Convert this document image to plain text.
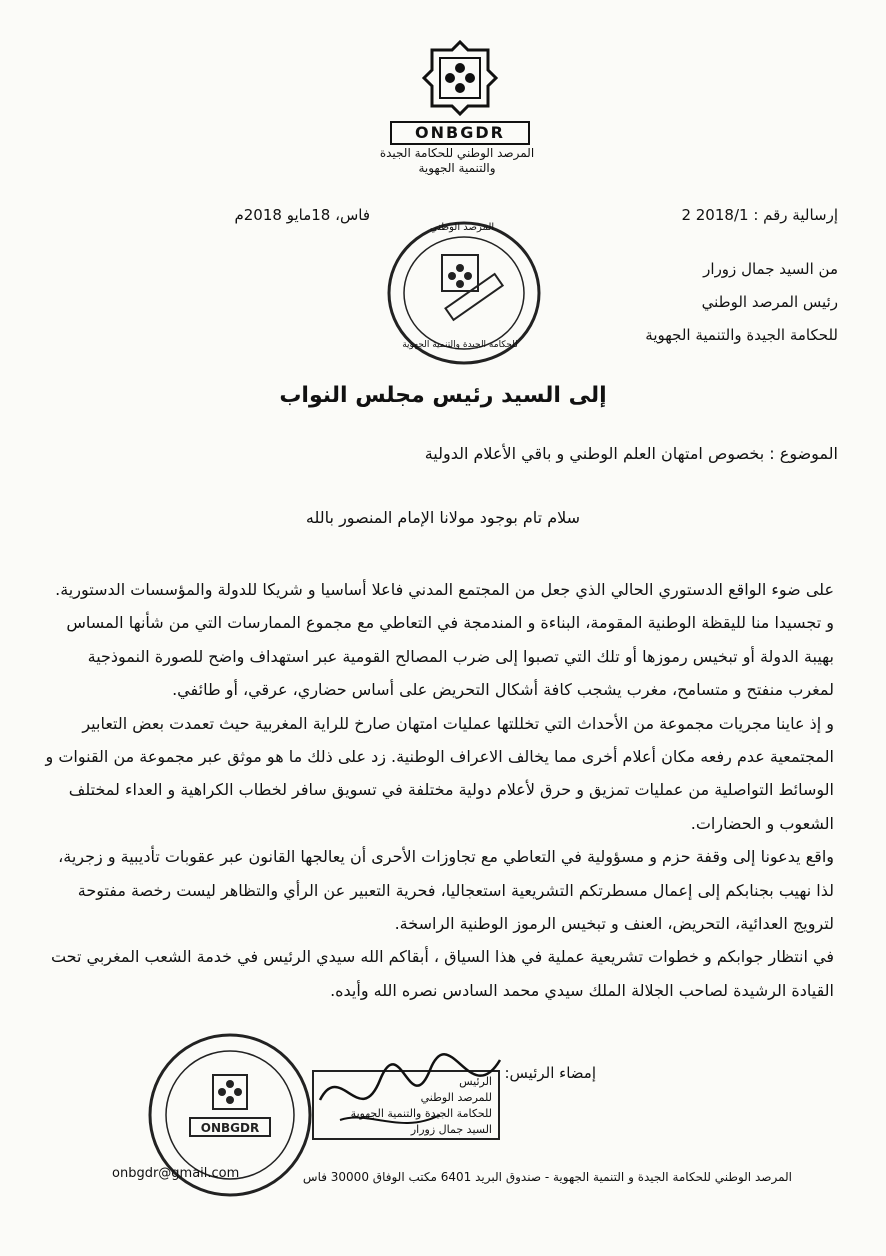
ONBGDR
المرصد الوطني للحكامة الجيدة
والتنمية الجهوية
إرسالية رقم : 2018/1 2
فاس، 18مايو 2018م
من السيد جمال زورار
رئيس المرصد الوطني
للحكامة الجيدة والتنمية الجهوية
المرصد الوطني
للحكامة الجيدة والتنمية الجهوية
إلى السيد رئيس مجلس النواب
الموضوع : بخصوص امتهان العلم الوطني و باقي الأعلام الدولية
سلام تام بوجود مولانا الإمام المنصور بالله

على ضوء الواقع الدستوري الحالي الذي جعل من المجتمع المدني فاعلا أساسيا و شريكا للدولة والمؤسسات الدستورية. و تجسيدا منا لليقظة الوطنية المقومة، البناءة و المندمجة في التعاطي مع مجموع الممارسات التي من شأنها المساس بهيبة الدولة أو تبخيس رموزها أو تلك التي تصبوا إلى ضرب المصالح القومية عبر استهداف واضح للصورة النموذجية لمغرب منفتح و متسامح، مغرب يشجب كافة أشكال التحريض على أساس حضاري، عرقي، أو طائفي.

و إذ عاينا مجريات مجموعة من الأحداث التي تخللتها عمليات امتهان صارخ للراية المغربية حيث تعمدت بعض التعابير المجتمعية عدم رفعه مكان أعلام أخرى مما يخالف الاعراف الوطنية. زد على ذلك ما هو موثق عبر مجموعة من القنوات و الوسائط التواصلية من عمليات تمزيق و حرق لأعلام دولية مختلفة في تسويق سافر لخطاب الكراهية و العداء لمختلف الشعوب و الحضارات.

واقع يدعونا إلى وقفة حزم و مسؤولية في التعاطي مع تجاوزات الأحرى أن يعالجها القانون عبر عقوبات تأديبية و زجرية، لذا نهيب بجنابكم إلى إعمال مسطرتكم التشريعية استعجاليا، فحرية التعبير عن الرأي والتظاهر ليست رخصة مفتوحة لترويج العدائية، التحريض، العنف و تبخيس الرموز الوطنية الراسخة.

في انتظار جوابكم و خطوات تشريعية عملية في هذا السياق ، أبقاكم الله سيدي الرئيس في خدمة الشعب المغربي تحت القيادة الرشيدة لصاحب الجلالة الملك سيدي محمد السادس نصره الله وأيده.

إمضاء الرئيس:
ONBGDR
الرئيس
للمرصد الوطني
للحكامة الجيدة والتنمية الجهوية
السيد جمال زورار
المرصد الوطني للحكامة الجيدة و التنمية الجهوية - صندوق البريد 6401 مكتب الوفاق 30000 فاس
onbgdr@gmail.com
